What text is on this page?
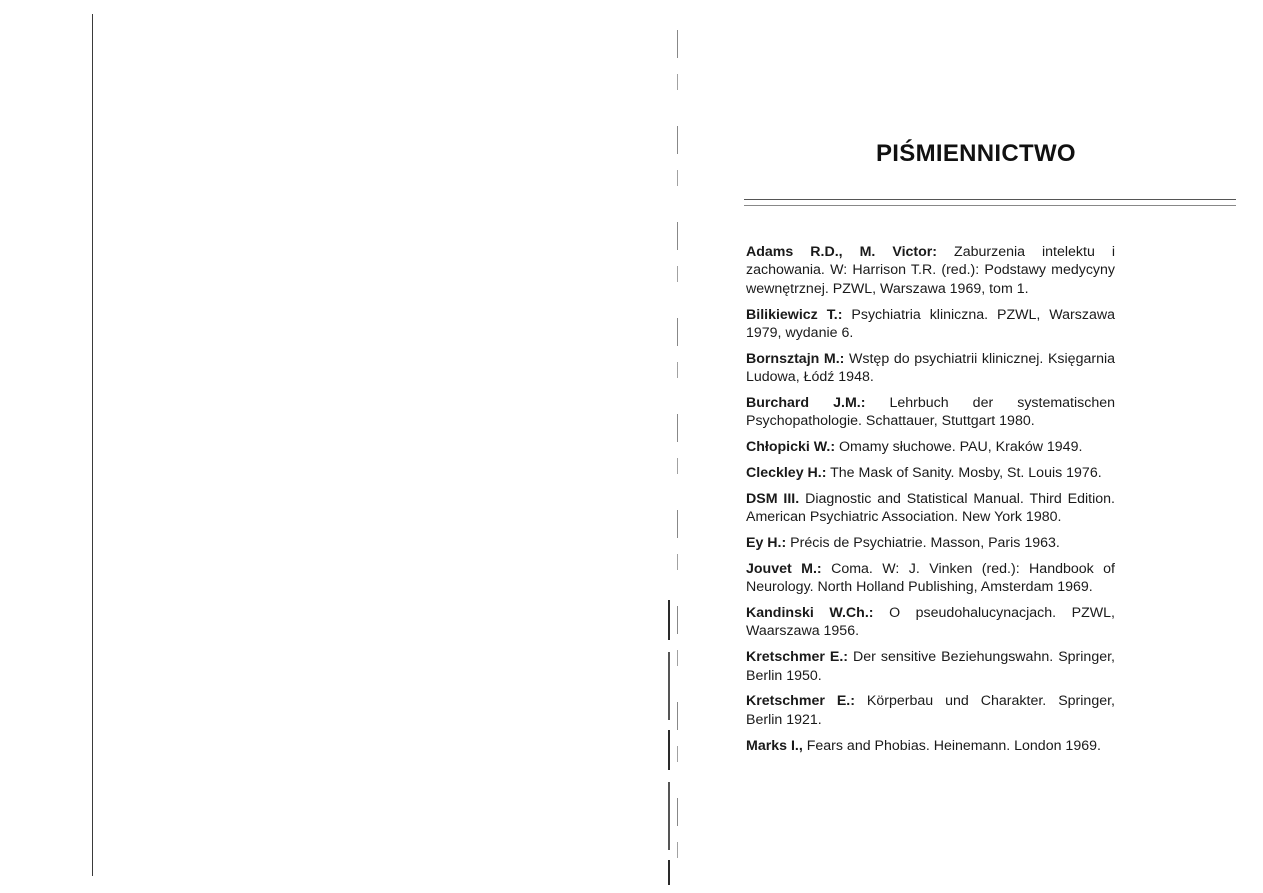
PIŚMIENNICTWO

Adams R.D., M. Victor: Zaburzenia intelektu i zachowania. W: Harrison T.R. (red.): Podstawy medycyny wewnętrznej. PZWL, Warszawa 1969, tom 1.

Bilikiewicz T.: Psychiatria kliniczna. PZWL, Warszawa 1979, wydanie 6.

Bornsztajn M.: Wstęp do psychiatrii klinicznej. Księgarnia Ludowa, Łódź 1948.

Burchard J.M.: Lehrbuch der systematischen Psychopathologie. Schattauer, Stuttgart 1980.

Chłopicki W.: Omamy słuchowe. PAU, Kraków 1949.

Cleckley H.: The Mask of Sanity. Mosby, St. Louis 1976.

DSM III. Diagnostic and Statistical Manual. Third Edition. American Psychiatric Association. New York 1980.

Ey H.: Précis de Psychiatrie. Masson, Paris 1963.

Jouvet M.: Coma. W: J. Vinken (red.): Handbook of Neurology. North Holland Publishing, Amsterdam 1969.

Kandinski W.Ch.: O pseudohalucynacjach. PZWL, Waarszawa 1956.

Kretschmer E.: Der sensitive Beziehungswahn. Springer, Berlin 1950.

Kretschmer E.: Körperbau und Charakter. Springer, Berlin 1921.

Marks I., Fears and Phobias. Heinemann. London 1969.
